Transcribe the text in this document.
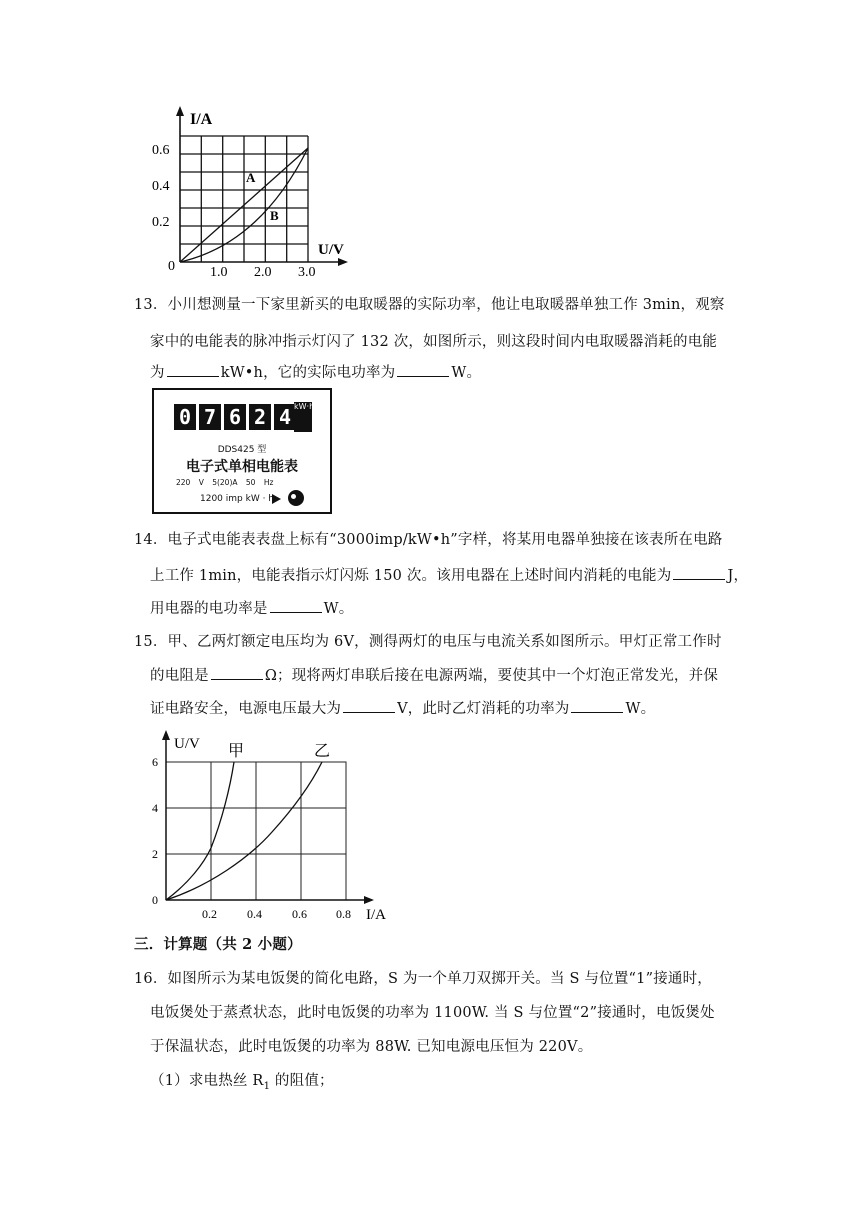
I/A
U/V
0.6
0.4
0.2
1.0 2.0 3.0
0
A
B
13．小川想测量一下家里新买的电取暖器的实际功率，他让电取暖器单独工作 3min，观察
家中的电能表的脉冲指示灯闪了 132 次，如图所示，则这段时间内电取暖器消耗的电能
为	kW•h，它的实际电功率为	W。
0 7 6 2 4 kW·h
DDS425 型
电子式单相电能表
220 V 5(20)A 50 Hz
1200 imp kW · h
14．电子式电能表表盘上标有“3000imp/kW•h”字样，将某用电器单独接在该表所在电路
上工作 1min，电能表指示灯闪烁 150 次。该用电器在上述时间内消耗的电能为	J，
用电器的电功率是	W。
15．甲、乙两灯额定电压均为 6V，测得两灯的电压与电流关系如图所示。甲灯正常工作时
的电阻是	Ω；现将两灯串联后接在电源两端，要使其中一个灯泡正常发光，并保
证电路安全，电源电压最大为	V，此时乙灯消耗的功率为	W。
U/V
I/A
6
4
2
0
0.2	0.4	0.6 0.8
甲	乙
三．计算题（共 2 小题）
16．如图所示为某电饭煲的简化电路，S 为一个单刀双掷开关。当 S 与位置“1”接通时，
电饭煲处于蒸煮状态，此时电饭煲的功率为 1100W. 当 S 与位置“2”接通时，电饭煲处
于保温状态，此时电饭煲的功率为 88W. 已知电源电压恒为 220V。
（1）求电热丝 $R_1$ 的阻值；
